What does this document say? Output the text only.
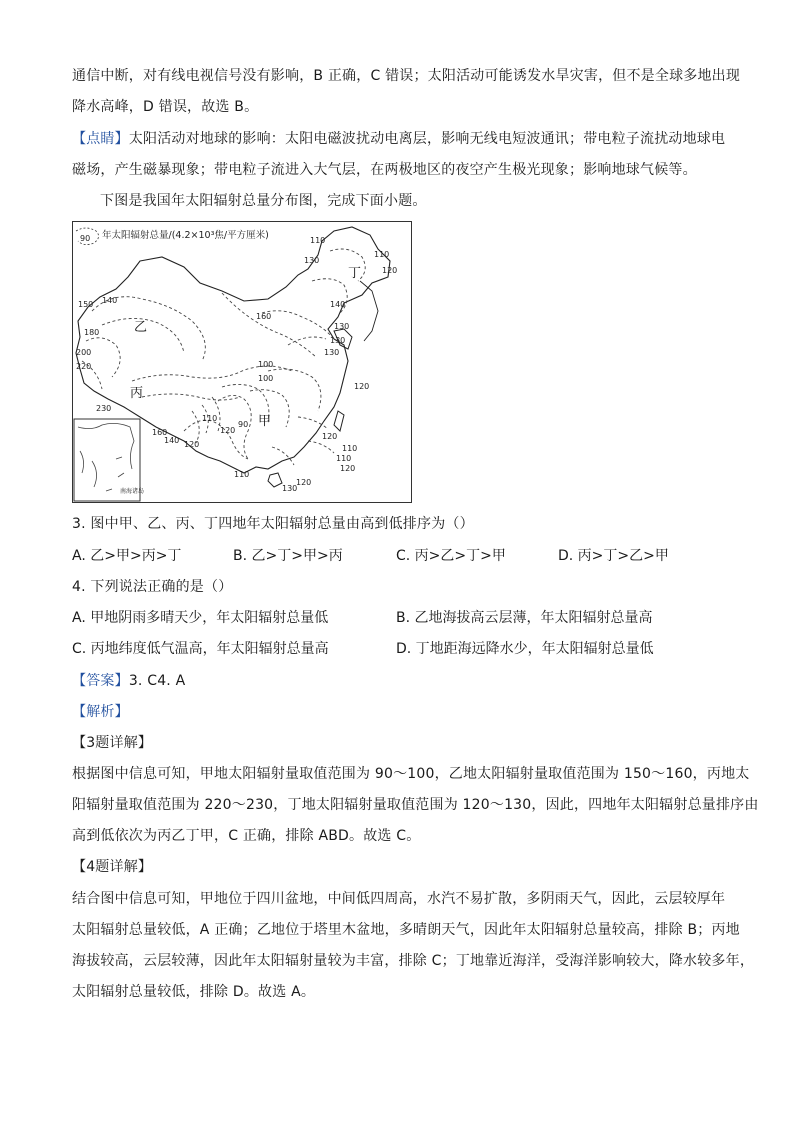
通信中断，对有线电视信号没有影响，B 正确，C 错误；太阳活动可能诱发水旱灾害，但不是全球多地出现
降水高峰，D 错误，故选 B。
【点睛】太阳活动对地球的影响：太阳电磁波扰动电离层，影响无线电短波通讯；带电粒子流扰动地球电
磁场，产生磁暴现象；带电粒子流进入大气层，在两极地区的夜空产生极光现象；影响地球气候等。
下图是我国年太阳辐射总量分布图，完成下面小题。
90 年太阳辐射总量/(4.2×10³焦/平方厘米)	110
130
120
140
150
160
180
200
220
230
140
130
100
90
110
120
120
130
110
160
140 120
110
120
120
110
130
120
110
100
130
乙
丙
甲
丁
南海诸岛
3. 图中甲、乙、丙、丁四地年太阳辐射总量由高到低排序为（）
A. 乙>甲>丙>丁	B. 乙>丁>甲>丙	C. 丙>乙>丁>甲	D. 丙>丁>乙>甲
4. 下列说法正确的是（）
A. 甲地阴雨多晴天少，年太阳辐射总量低	B. 乙地海拔高云层薄，年太阳辐射总量高
C. 丙地纬度低气温高，年太阳辐射总量高	D. 丁地距海远降水少，年太阳辐射总量低
【答案】3. C4. A
【解析】
【3题详解】
根据图中信息可知，甲地太阳辐射量取值范围为 90～100，乙地太阳辐射量取值范围为 150～160，丙地太
阳辐射量取值范围为 220～230，丁地太阳辐射量取值范围为 120～130，因此，四地年太阳辐射总量排序由
高到低依次为丙乙丁甲，C 正确，排除 ABD。故选 C。
【4题详解】
结合图中信息可知，甲地位于四川盆地，中间低四周高，水汽不易扩散，多阴雨天气，因此，云层较厚年
太阳辐射总量较低，A 正确；乙地位于塔里木盆地，多晴朗天气，因此年太阳辐射总量较高，排除 B；丙地
海拔较高，云层较薄，因此年太阳辐射量较为丰富，排除 C；丁地靠近海洋，受海洋影响较大，降水较多年，
太阳辐射总量较低，排除 D。故选 A。
